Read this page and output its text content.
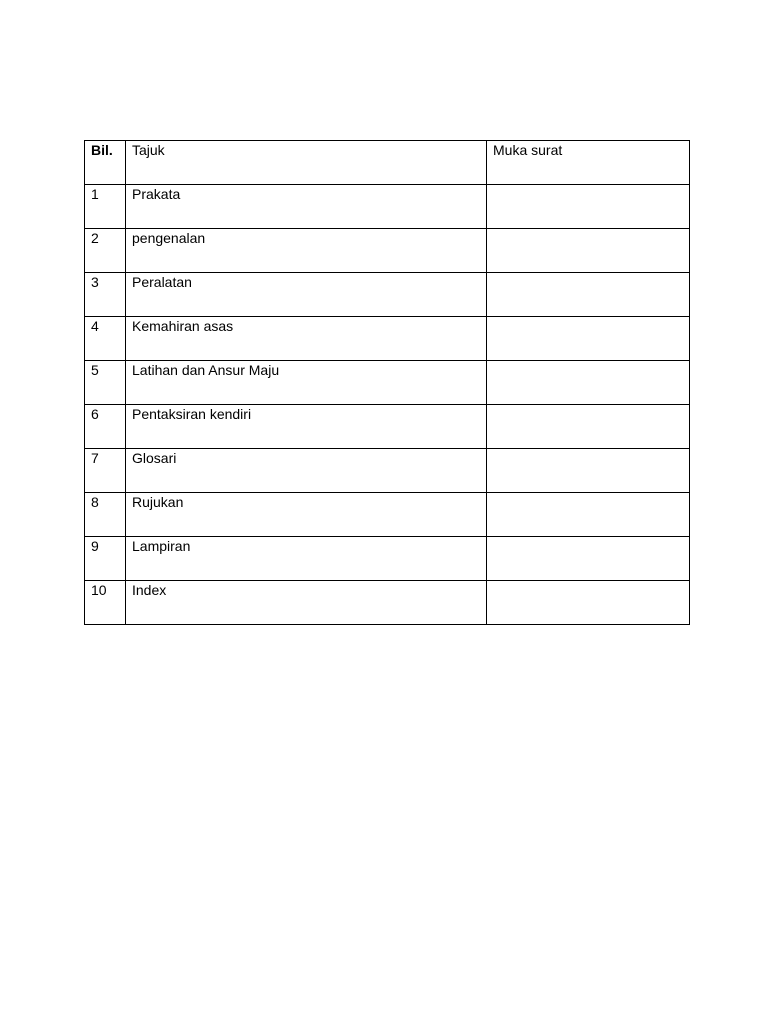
Bil.	Tajuk	Muka surat
1	Prakata	
2	pengenalan	
3	Peralatan	
4	Kemahiran asas	
5	Latihan dan Ansur Maju	
6	Pentaksiran kendiri	
7	Glosari	
8	Rujukan	
9	Lampiran	
10	Index	
